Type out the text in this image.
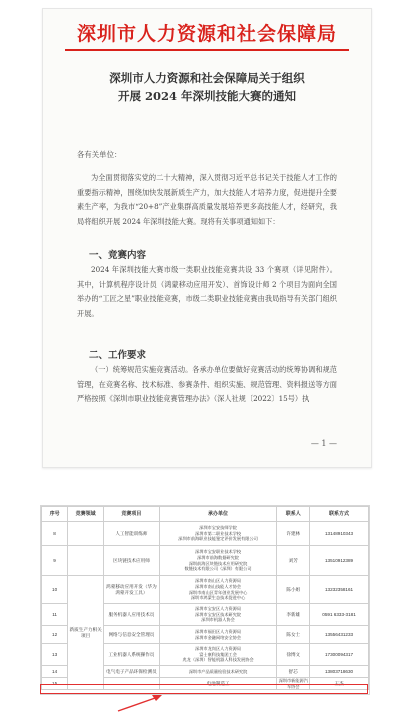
深圳市人力资源和社会保障局
深圳市人力资源和社会保障局关于组织
开展 2024 年深圳技能大赛的通知
各有关单位：
为全面贯彻落实党的二十大精神，深入贯彻习近平总书记关于技能人才工作的重要指示精神，围绕加快发展新质生产力，加大技能人才培养力度，促进提升全要素生产率，为我市“20+8”产业集群高质量发展培养更多高技能人才，经研究，我局将组织开展 2024 年深圳技能大赛。现将有关事项通知如下：
一、竞赛内容
2024 年深圳技能大赛市级一类职业技能竞赛共设 33 个赛项（详见附件）。其中，计算机程序设计员（鸿蒙移动应用开发）、首饰设计师 2 个项目为面向全国举办的“工匠之星”职业技能竞赛，市级二类职业技能竞赛由我局指导有关部门组织开展。
二、工作要求
（一）统筹规范实施竞赛活动。各承办单位要做好竞赛活动的统筹协调和规范管理，在竞赛名称、技术标准、参赛条件、组织实施、规范管理、资料报送等方面严格按照《深圳市职业技能竞赛管理办法》（深人社规〔2022〕15号）执
— 1 —
序号	竞赛领域	竞赛项目	承办单位	联系人	联系方式	
8		人工智能训练师	深圳市宝安技师学院
深圳市第二职业技术学校
深圳市前海职业技能鉴定评价发展有限公司	许建林	13148910343	
9		区块链技术应用师	深圳市宝安职业技术学校
深圳市前海数据研究院
深圳前海区块链技术应用研究院
数链技术有限公司（深圳）有限公司	刘芳	13510912389	
10	新质生产力相关项目	鸿蒙移动应用开发（华为鸿蒙开发工具）	深圳市南山区人力资源局
深圳市南山技能人才协会
深圳市南山区青年创业发展中心
深圳市鸿蒙生态技术促进中心	陈小姐	13232358161	
11		服务机器人应用技术员	深圳市宝安区人力资源局
深圳市宝安区技术研究院
深圳市机器人协会	李新雄	0591 6333-3181	
12		网络与信息安全管理员	深圳市福田区人力资源局
深圳市金融网络安全协会	陈女士	13556431233	
13		工业机器人系统操作员	深圳市龙岗区人力资源局
富士康科技集团工会
兆龙（深圳）智能机器人科技发展协会	徐博文	17300094317	
14		电气电子产品环保检测员	深圳市产品质量检验技术研究院	舒芯	13803718630	
15			电池制造工	深圳市新能源汽车协会	王杰	
